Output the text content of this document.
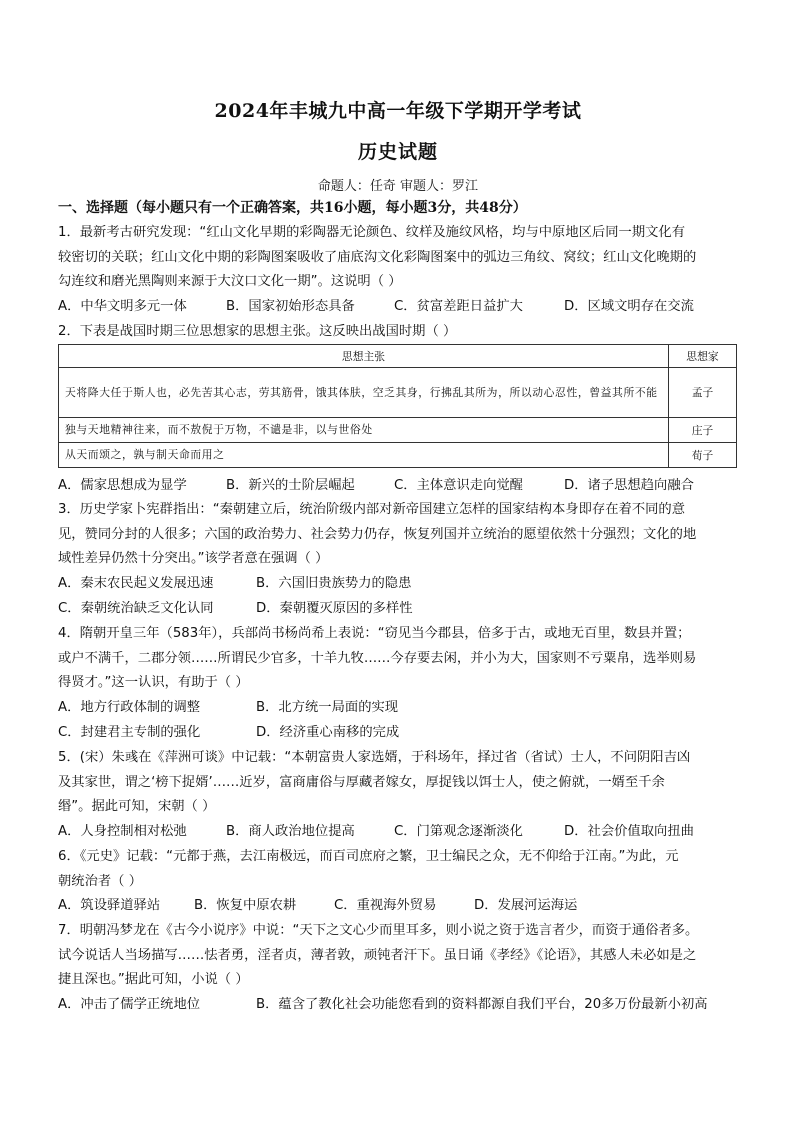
2024年丰城九中高一年级下学期开学考试
历史试题
命题人：任奇 审题人：罗江
一、选择题（每小题只有一个正确答案，共16小题，每小题3分，共48分）
1．最新考古研究发现：“红山文化早期的彩陶器无论颜色、纹样及施纹风格，均与中原地区后同一期文化有
较密切的关联；红山文化中期的彩陶图案吸收了庙底沟文化彩陶图案中的弧边三角纹、窝纹；红山文化晚期的
勾连纹和磨光黑陶则来源于大汶口文化一期”。这说明（ ）
A．中华文明多元一体	B．国家初始形态具备	C．贫富差距日益扩大	D．区域文明存在交流
2．下表是战国时期三位思想家的思想主张。这反映出战国时期（ ）
思想主张	思想家
天将降大任于斯人也，必先苦其心志，劳其筋骨，饿其体肤，空乏其身，行拂乱其所为，所以动心忍性，曾益其所不能	孟子
独与天地精神往来，而不敖倪于万物，不谴是非，以与世俗处	庄子
从天而颂之，孰与制天命而用之	荀子
A．儒家思想成为显学	B．新兴的士阶层崛起	C．主体意识走向觉醒	D．诸子思想趋向融合
3．历史学家卜宪群指出：“秦朝建立后，统治阶级内部对新帝国建立怎样的国家结构本身即存在着不同的意
见，赞同分封的人很多；六国的政治势力、社会势力仍存，恢复列国并立统治的愿望依然十分强烈；文化的地
域性差异仍然十分突出。”该学者意在强调（ ）
A．秦末农民起义发展迅速	B．六国旧贵族势力的隐患
C．秦朝统治缺乏文化认同	D．秦朝覆灭原因的多样性
4．隋朝开皇三年（583年），兵部尚书杨尚希上表说：“窃见当今郡县，倍多于古，或地无百里，数县并置；
或户不满千，二郡分领……所谓民少官多，十羊九牧……今存要去闲，并小为大，国家则不亏粟帛，选举则易
得贤才。”这一认识，有助于（ ）
A．地方行政体制的调整	B．北方统一局面的实现
C．封建君主专制的强化	D．经济重心南移的完成
5．(宋）朱彧在《萍洲可谈》中记载：“本朝富贵人家选婿，于科场年，择过省（省试）士人，不问阴阳吉凶
及其家世，谓之‘榜下捉婿’……近岁，富商庸俗与厚藏者嫁女，厚捉钱以饵士人，使之俯就，一婿至千余
缗”。据此可知，宋朝（ ）
A．人身控制相对松弛	B．商人政治地位提高	C．门第观念逐渐淡化	D．社会价值取向扭曲
6．《元史》记载：“元都于燕，去江南极远，而百司庶府之繁，卫士编民之众，无不仰给于江南。”为此，元
朝统治者（ ）
A．筑设驿道驿站	B．恢复中原农耕	C．重视海外贸易	D．发展河运海运
7．明朝冯梦龙在《古今小说序》中说：“天下之文心少而里耳多，则小说之资于选言者少，而资于通俗者多。
试今说话人当场描写……怯者勇，淫者贞，薄者敦，顽钝者汗下。虽日诵《孝经》《论语》，其感人未必如是之
捷且深也。”据此可知，小说（ ）
A．冲击了儒学正统地位	B．蕴含了教化社会功能 您看到的资料都源自我们平台，20多万份最新小初高
